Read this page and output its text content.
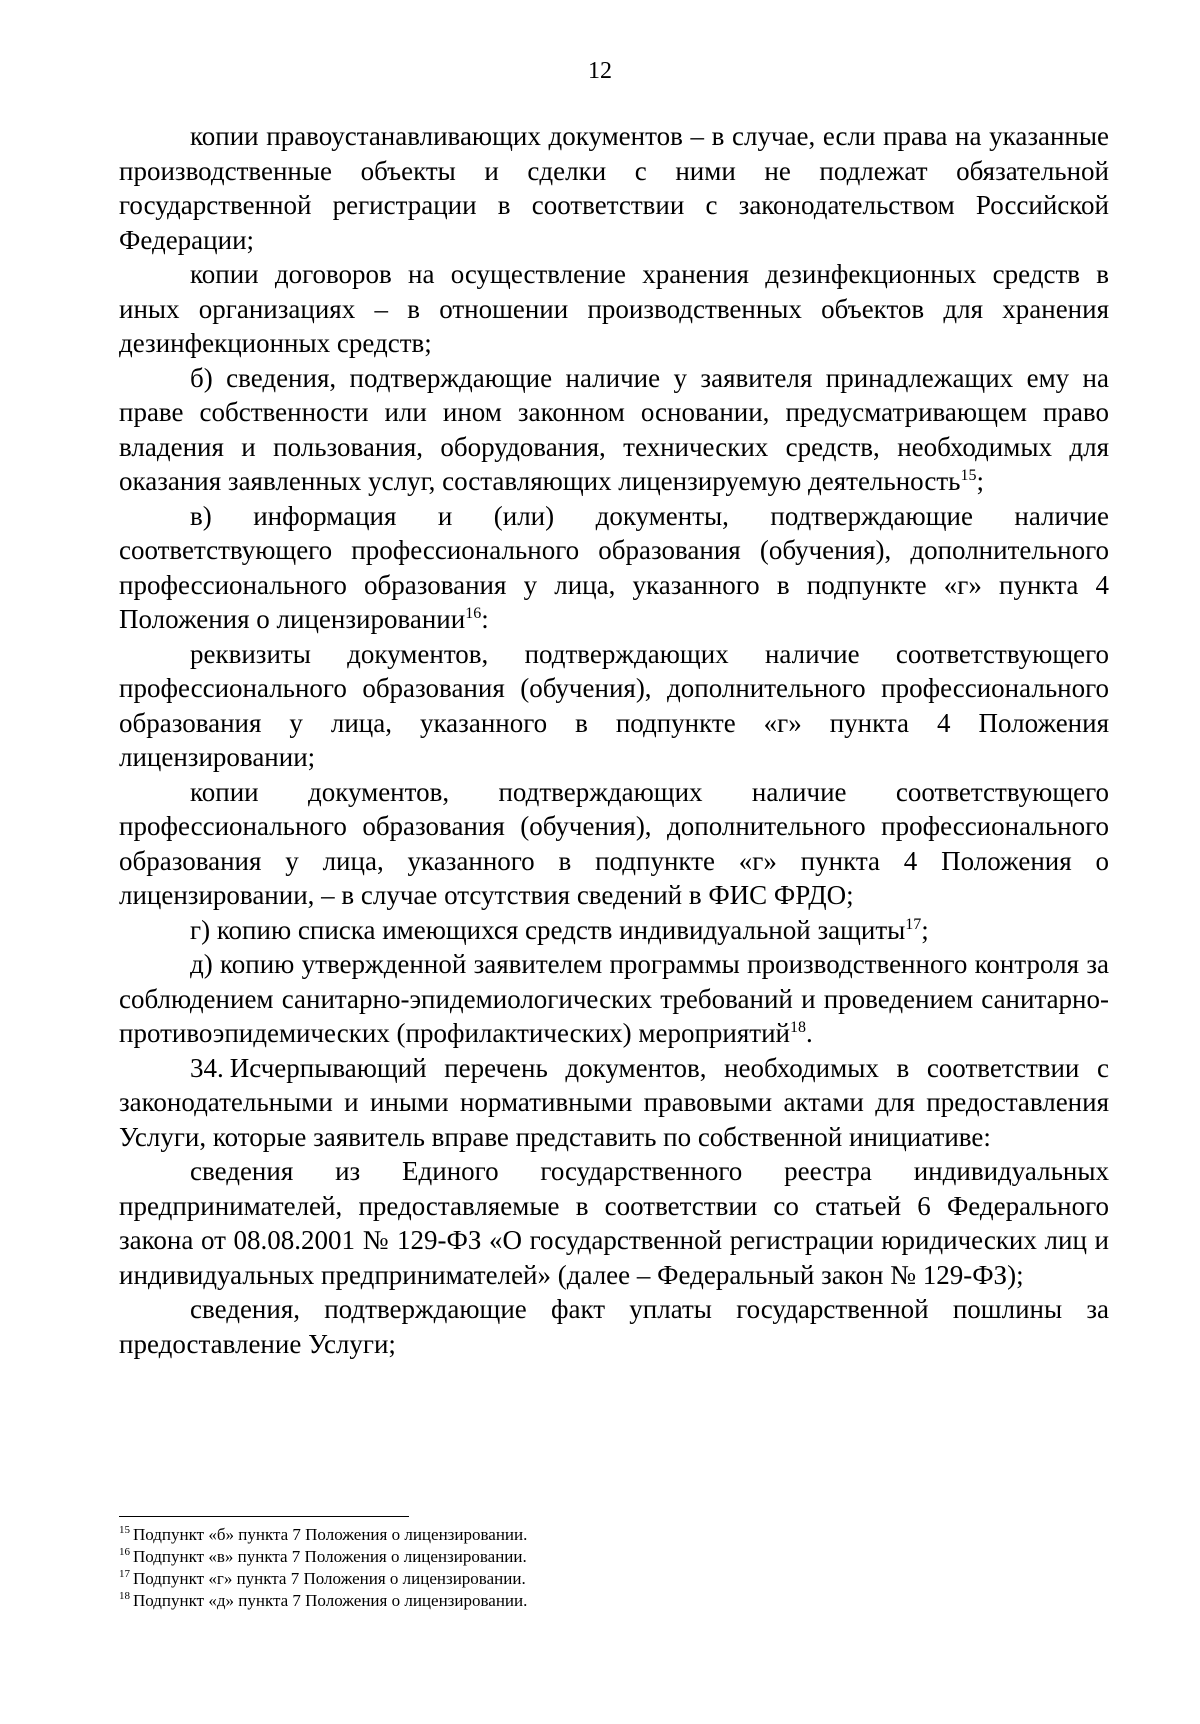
12

копии правоустанавливающих документов – в случае, если права на указанные производственные объекты и сделки с ними не подлежат обязательной государственной регистрации в соответствии с законодательством Российской Федерации;

копии договоров на осуществление хранения дезинфекционных средств в иных организациях – в отношении производственных объектов для хранения дезинфекционных средств;

б) сведения, подтверждающие наличие у заявителя принадлежащих ему на праве собственности или ином законном основании, предусматривающем право владения и пользования, оборудования, технических средств, необходимых для оказания заявленных услуг, составляющих лицензируемую деятельность$^{15}$;

в) информация и (или) документы, подтверждающие наличие соответствующего профессионального образования (обучения), дополнительного профессионального образования у лица, указанного в подпункте «г» пункта 4 Положения о лицензировании$^{16}$:

реквизиты документов, подтверждающих наличие соответствующего профессионального образования (обучения), дополнительного профессионального образования у лица, указанного в подпункте «г» пункта 4 Положения лицензировании;

копии документов, подтверждающих наличие соответствующего профессионального образования (обучения), дополнительного профессионального образования у лица, указанного в подпункте «г» пункта 4 Положения о лицензировании, – в случае отсутствия сведений в ФИС ФРДО;

г) копию списка имеющихся средств индивидуальной защиты$^{17}$;

д) копию утвержденной заявителем программы производственного контроля за соблюдением санитарно-эпидемиологических требований и проведением санитарно-противоэпидемических (профилактических) мероприятий$^{18}$.

34. Исчерпывающий перечень документов, необходимых в соответствии с законодательными и иными нормативными правовыми актами для предоставления Услуги, которые заявитель вправе представить по собственной инициативе:

сведения из Единого государственного реестра индивидуальных предпринимателей, предоставляемые в соответствии со статьей 6 Федерального закона от 08.08.2001 № 129-ФЗ «О государственной регистрации юридических лиц и индивидуальных предпринимателей» (далее – Федеральный закон № 129-ФЗ);

сведения, подтверждающие факт уплаты государственной пошлины за предоставление Услуги;

$^{15}$ Подпункт «б» пункта 7 Положения о лицензировании.

$^{16}$ Подпункт «в» пункта 7 Положения о лицензировании.

$^{17}$ Подпункт «г» пункта 7 Положения о лицензировании.

$^{18}$ Подпункт «д» пункта 7 Положения о лицензировании.
